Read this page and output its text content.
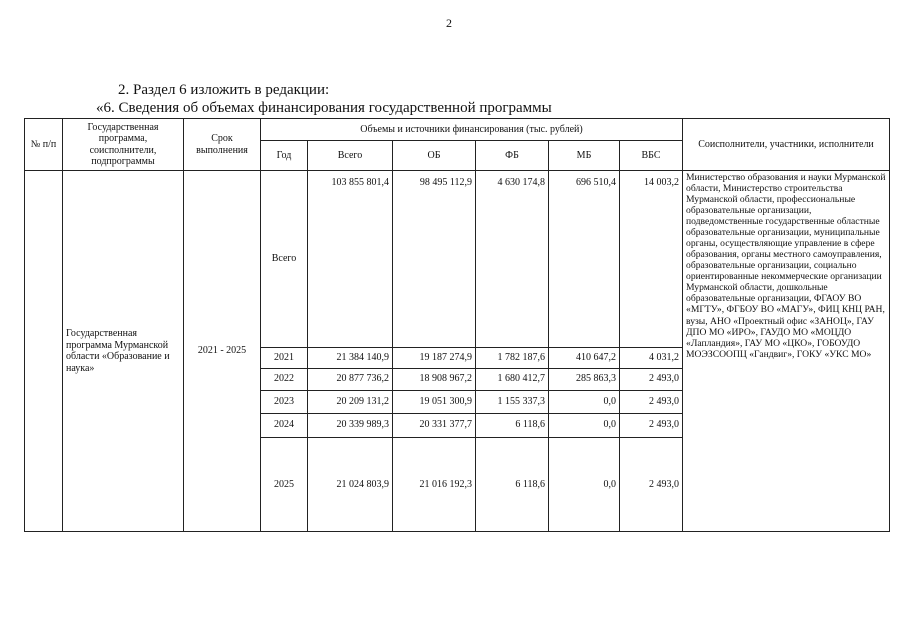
2
2. Раздел 6 изложить в редакции:
«6. Сведения об объемах финансирования государственной программы
№ п/п	Государственная программа, соисполнители, подпрограммы	Срок выполнения	Объемы и источники финансирования (тыс. рублей)						Соисполнители, участники, исполнители
			Год	Всего	ОБ	ФБ	МБ	ВБС	
	Государственная программа Мурманской области «Образование и наука»	2021 - 2025	Всего	103 855 801,4	98 495 112,9	4 630 174,8	696 510,4	14 003,2	Министерство образования и науки Мурманской области, Министерство строительства Мурманской области, профессиональные образовательные организации, подведомственные государственные областные образовательные организации, муниципальные органы, осуществляющие управление в сфере образования, органы местного самоуправления, образовательные организации, социально ориентированные некоммерческие организации Мурманской области, дошкольные образовательные организации, ФГАОУ ВО «МГТУ», ФГБОУ ВО «МАГУ», ФИЦ КНЦ РАН, вузы, АНО «Проектный офис «ЗАНОЦ», ГАУ ДПО МО «ИРО», ГАУДО МО «МОЦДО «Лапландия», ГАУ МО «ЦКО», ГОБОУДО МОЭЗСООПЦ «Гандвиг», ГОКУ «УКС МО»
			2021	21 384 140,9	19 187 274,9	1 782 187,6	410 647,2	4 031,2	
			2022	20 877 736,2	18 908 967,2	1 680 412,7	285 863,3	2 493,0	
			2023	20 209 131,2	19 051 300,9	1 155 337,3	0,0	2 493,0	
			2024	20 339 989,3	20 331 377,7	6 118,6	0,0	2 493,0	
			2025	21 024 803,9	21 016 192,3	6 118,6	0,0	2 493,0	
